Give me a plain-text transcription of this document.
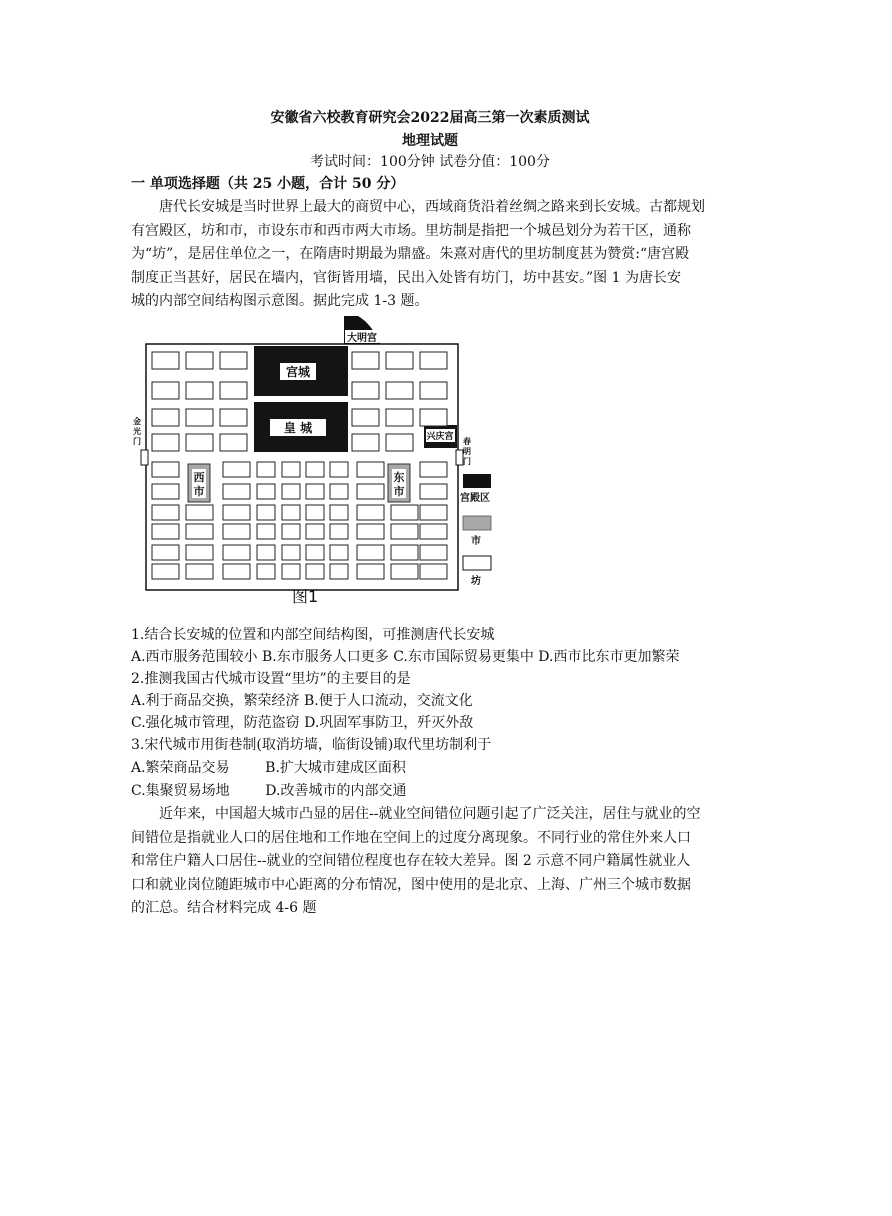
安徽省六校教育研究会2022届高三第一次素质测试
地理试题
考试时间：100分钟 试卷分值：100分
一 单项选择题（共 25 小题，合计 50 分）

唐代长安城是当时世界上最大的商贸中心，西域商货沿着丝绸之路来到长安城。古都规划

有宫殿区，坊和市，市设东市和西市两大市场。里坊制是指把一个城邑划分为若干区，通称

为“坊”，是居住单位之一，在隋唐时期最为鼎盛。朱熹对唐代的里坊制度甚为赞赏:“唐宫殿

制度正当甚好，居民在墙内，官街皆用墙，民出入处皆有坊门，坊中甚安。”图 1 为唐长安

城的内部空间结构图示意图。据此完成 1-3 题。

大明宫
宫城
皇 城
兴庆宫
西
市
东
市
金
光
门	春
明
门
宫殿区
市
坊
图1
1.结合长安城的位置和内部空间结构图，可推测唐代长安城
A.西市服务范围较小 B.东市服务人口更多 C.东市国际贸易更集中 D.西市比东市更加繁荣
2.推测我国古代城市设置“里坊”的主要目的是
A.利于商品交换，繁荣经济 B.便于人口流动，交流文化
C.强化城市管理，防范盗窃 D.巩固军事防卫，歼灭外敌
3.宋代城市用街巷制(取消坊墙，临街设铺)取代里坊制利于
A.繁荣商品交易        B.扩大城市建成区面积
C.集聚贸易场地        D.改善城市的内部交通

近年来，中国超大城市凸显的居住--就业空间错位问题引起了广泛关注，居住与就业的空

间错位是指就业人口的居住地和工作地在空间上的过度分离现象。不同行业的常住外来人口

和常住户籍人口居住--就业的空间错位程度也存在较大差异。图 2 示意不同户籍属性就业人

口和就业岗位随距城市中心距离的分布情况，图中使用的是北京、上海、广州三个城市数据

的汇总。结合材料完成 4-6 题
